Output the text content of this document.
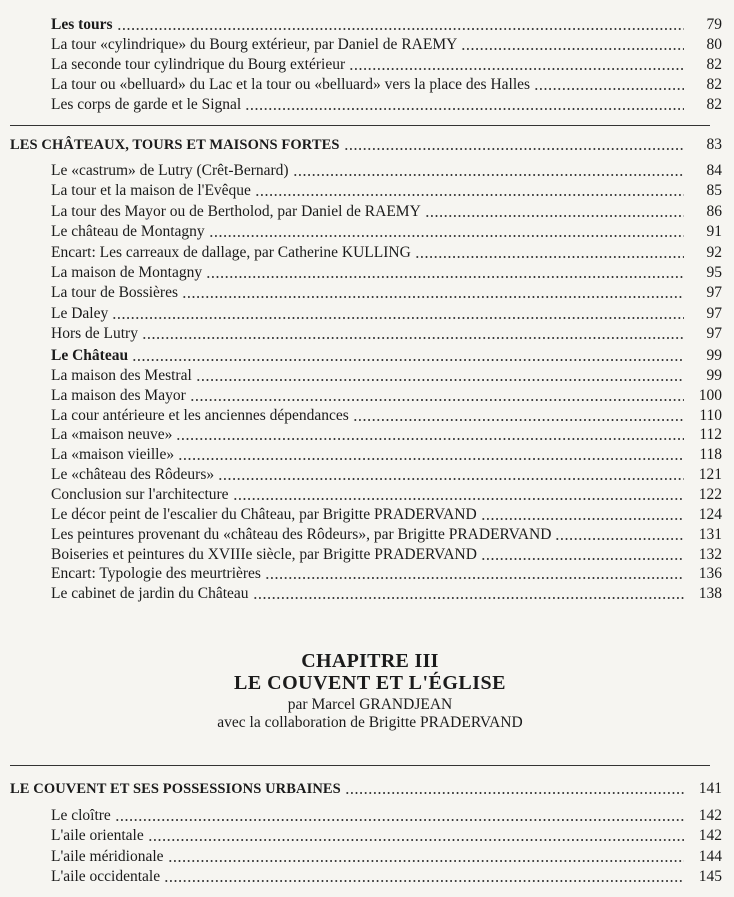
CHAPITRE III
LE COUVENT ET L'ÉGLISE
par Marcel GRANDJEAN
avec la collaboration de Brigitte PRADERVAND
Les tours	79
La tour «cylindrique» du Bourg extérieur, par Daniel de RAEMY	80
La seconde tour cylindrique du Bourg extérieur	82
La tour ou «belluard» du Lac et la tour ou «belluard» vers la place des Halles	82
Les corps de garde et le Signal	82
LES CHÂTEAUX, TOURS ET MAISONS FORTES	83
Le «castrum» de Lutry (Crêt-Bernard)	84
La tour et la maison de l'Evêque	85
La tour des Mayor ou de Bertholod, par Daniel de RAEMY	86
Le château de Montagny	91
Encart: Les carreaux de dallage, par Catherine KULLING	92
La maison de Montagny	95
La tour de Bossières	97
Le Daley	97
Hors de Lutry	97
Le Château	99
La maison des Mestral	99
La maison des Mayor	100
La cour antérieure et les anciennes dépendances	110
La «maison neuve»	112
La «maison vieille»	118
Le «château des Rôdeurs»	121
Conclusion sur l'architecture	122
Le décor peint de l'escalier du Château, par Brigitte PRADERVAND	124
Les peintures provenant du «château des Rôdeurs», par Brigitte PRADERVAND	131
Boiseries et peintures du XVIIIe siècle, par Brigitte PRADERVAND	132
Encart: Typologie des meurtrières	136
Le cabinet de jardin du Château	138
LE COUVENT ET SES POSSESSIONS URBAINES	141
Le cloître	142
L'aile orientale	142
L'aile méridionale	144
L'aile occidentale	145
